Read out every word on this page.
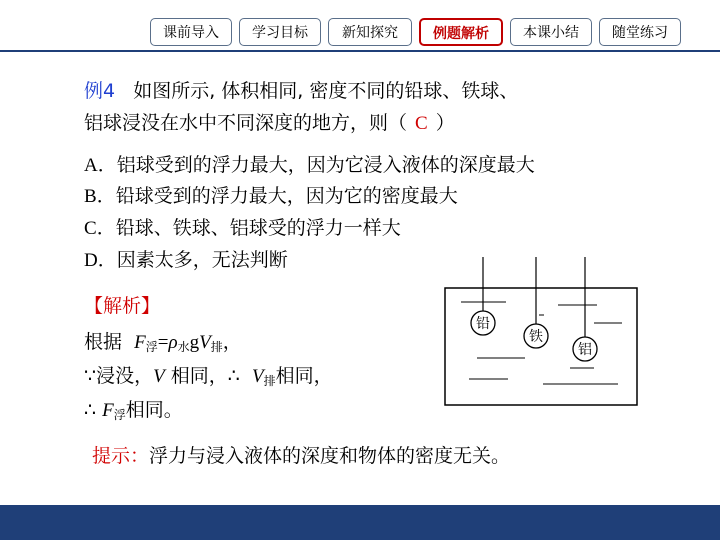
课前导入	学习目标	新知探究	例题解析	本课小结	随堂练习
例4 如图所示, 体积相同, 密度不同的铅球、铁球、
铝球浸没在水中不同深度的地方，则（ C ）
A．铝球受到的浮力最大，因为它浸入液体的深度最大
B．铅球受到的浮力最大，因为它的密度最大
C．铅球、铁球、铝球受的浮力一样大
D．因素太多，无法判断
【解析】
根据 $F_浮=\rho_水gV_排$，
∵浸没，V 相同，∴ $V_排$相同，
∴ $F_浮$相同。
提示：浮力与浸入液体的深度和物体的密度无关。
铅
铁
铝
